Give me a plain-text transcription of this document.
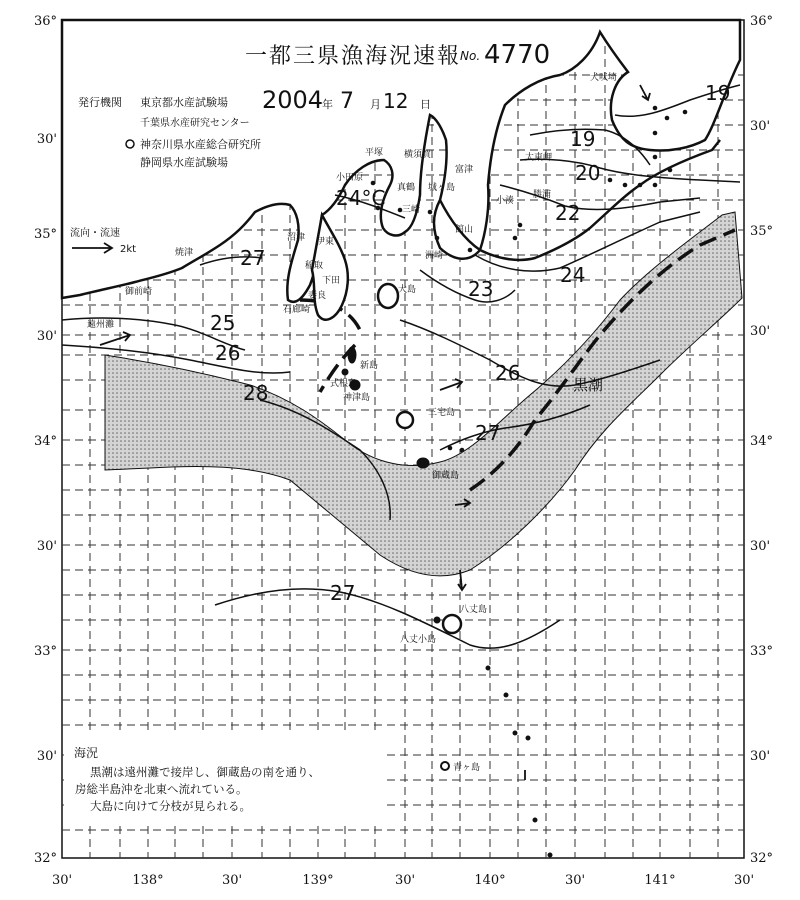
一都三県漁海況速報
No. 4770
発行機関 東京都水産試験場 2004
年 7 月 12 日
千葉県水産研究センター
神奈川県水産総合研究所
静岡県水産試験場
流向・流速
2kt
犬吠埼
太東岬
勝浦
小湊
館山
洲崎
富津
平塚 横須賀
小田原
真鶴 城ヶ島
三崎
伊東
稲取
下田
妻良
石廊崎
沼津
焼津
御前崎
遠州灘
大島
新島
式根島
神津島
三宅島
御蔵島
八丈島
八丈小島
青ヶ島
黒潮
19
19
20
22
24
24°C
23
25
26
26
27
27
28
27
海況
黒潮は遠州灘で接岸し、御蔵島の南を通り、
房総半島沖を北東へ流れている。
大島に向けて分枝が見られる。
36°
30'
35°
30'
34°
30'
33°
30'
32°
36°
30'
35°
30'
34°
30'
33°
30'
32°
30'	138°	30'	139°	30'	140°	30'	141°	30'
